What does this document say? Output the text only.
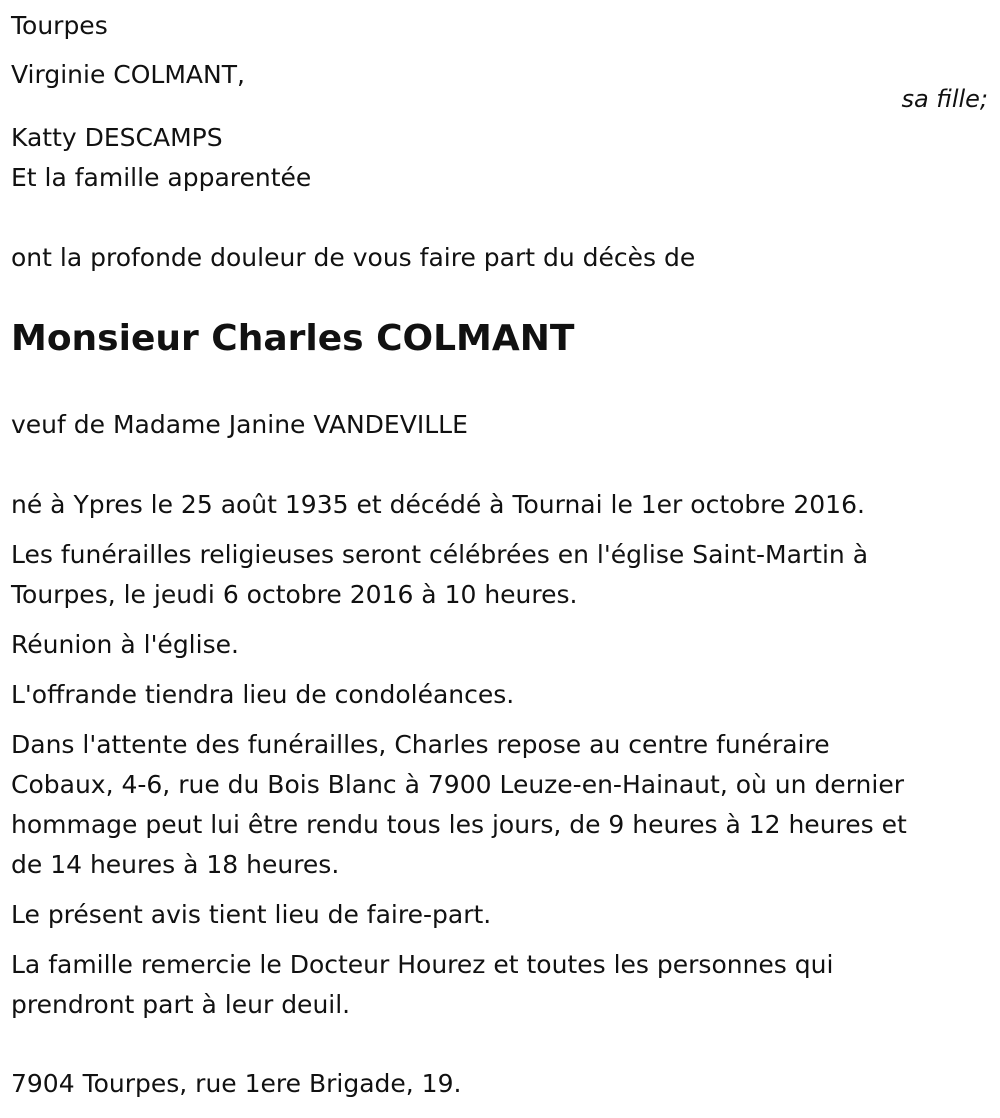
Tourpes

Virginie COLMANT,

sa fille;

Katty DESCAMPS

Et la famille apparentée

ont la profonde douleur de vous faire part du décès de

Monsieur Charles COLMANT

veuf de Madame Janine VANDEVILLE

né à Ypres le 25 août 1935 et décédé à Tournai le 1er octobre 2016.

Les funérailles religieuses seront célébrées en l'église Saint-Martin à

Tourpes, le jeudi 6 octobre 2016 à 10 heures.

Réunion à l'église.

L'offrande tiendra lieu de condoléances.

Dans l'attente des funérailles, Charles repose au centre funéraire

Cobaux, 4-6, rue du Bois Blanc à 7900 Leuze-en-Hainaut, où un dernier

hommage peut lui être rendu tous les jours, de 9 heures à 12 heures et

de 14 heures à 18 heures.

Le présent avis tient lieu de faire-part.

La famille remercie le Docteur Hourez et toutes les personnes qui

prendront part à leur deuil.

7904 Tourpes, rue 1ere Brigade, 19.
